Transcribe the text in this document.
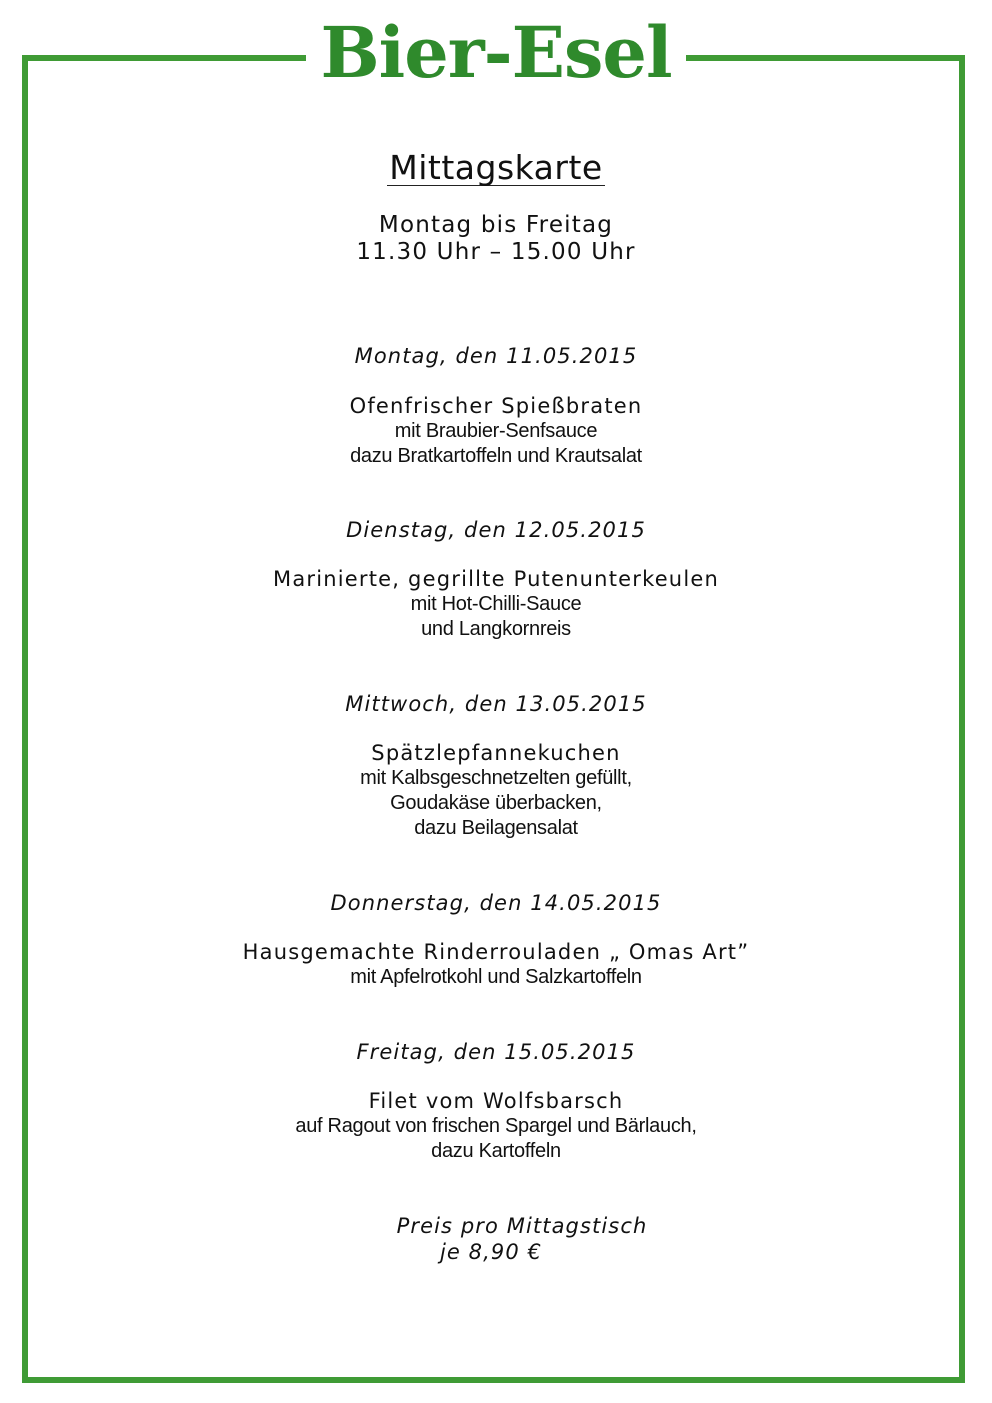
Bier-Esel
Mittagskarte
Montag bis Freitag
11.30 Uhr – 15.00 Uhr
Montag, den 11.05.2015
Ofenfrischer Spießbraten
mit Braubier-Senfsauce
dazu Bratkartoffeln und Krautsalat
Dienstag, den 12.05.2015
Marinierte, gegrillte Putenunterkeulen
mit Hot-Chilli-Sauce
und Langkornreis
Mittwoch, den 13.05.2015
Spätzlepfannekuchen
mit Kalbsgeschnetzelten gefüllt,
Goudakäse überbacken,
dazu Beilagensalat
Donnerstag, den 14.05.2015
Hausgemachte Rinderrouladen „ Omas Art”
mit Apfelrotkohl und Salzkartoffeln
Freitag, den 15.05.2015
Filet vom Wolfsbarsch
auf Ragout von frischen Spargel und Bärlauch,
dazu Kartoffeln
Preis pro Mittagstisch
je 8,90 €
